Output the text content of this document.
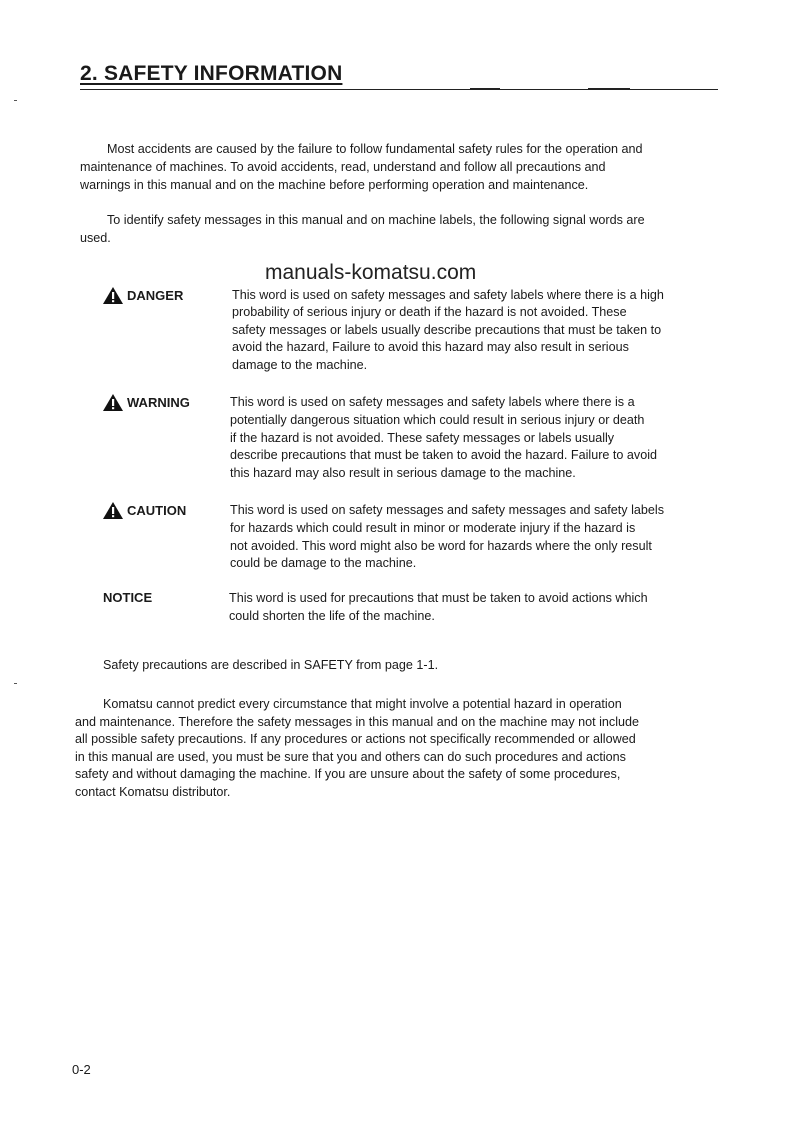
2. SAFETY INFORMATION
Most accidents are caused by the failure to follow fundamental safety rules for the operation and
maintenance of machines. To avoid accidents, read, understand and follow all precautions and
warnings in this manual and on the machine before performing operation and maintenance.
To identify safety messages in this manual and on machine labels, the following signal words are
used.
DANGER	This word is used on safety messages and safety labels where there is a high
probability of serious injury or death if the hazard is not avoided. These
safety messages or labels usually describe precautions that must be taken to
avoid the hazard, Failure to avoid this hazard may also result in serious
damage to the machine.
WARNING	This word is used on safety messages and safety labels where there is a
potentially dangerous situation which could result in serious injury or death
if the hazard is not avoided. These safety messages or labels usually
describe precautions that must be taken to avoid the hazard. Failure to avoid
this hazard may also result in serious damage to the machine.
CAUTION	This word is used on safety messages and safety messages and safety labels
for hazards which could result in minor or moderate injury if the hazard is
not avoided. This word might also be word for hazards where the only result
could be damage to the machine.
NOTICE	This word is used for precautions that must be taken to avoid actions which
could shorten the life of the machine.
Safety precautions are described in SAFETY from page 1-1.
Komatsu cannot predict every circumstance that might involve a potential hazard in operation
and maintenance. Therefore the safety messages in this manual and on the machine may not include
all possible safety precautions. If any procedures or actions not specifically recommended or allowed
in this manual are used, you must be sure that you and others can do such procedures and actions
safety and without damaging the machine. If you are unsure about the safety of some procedures,
contact Komatsu distributor.
manuals-komatsu.com
0-2
